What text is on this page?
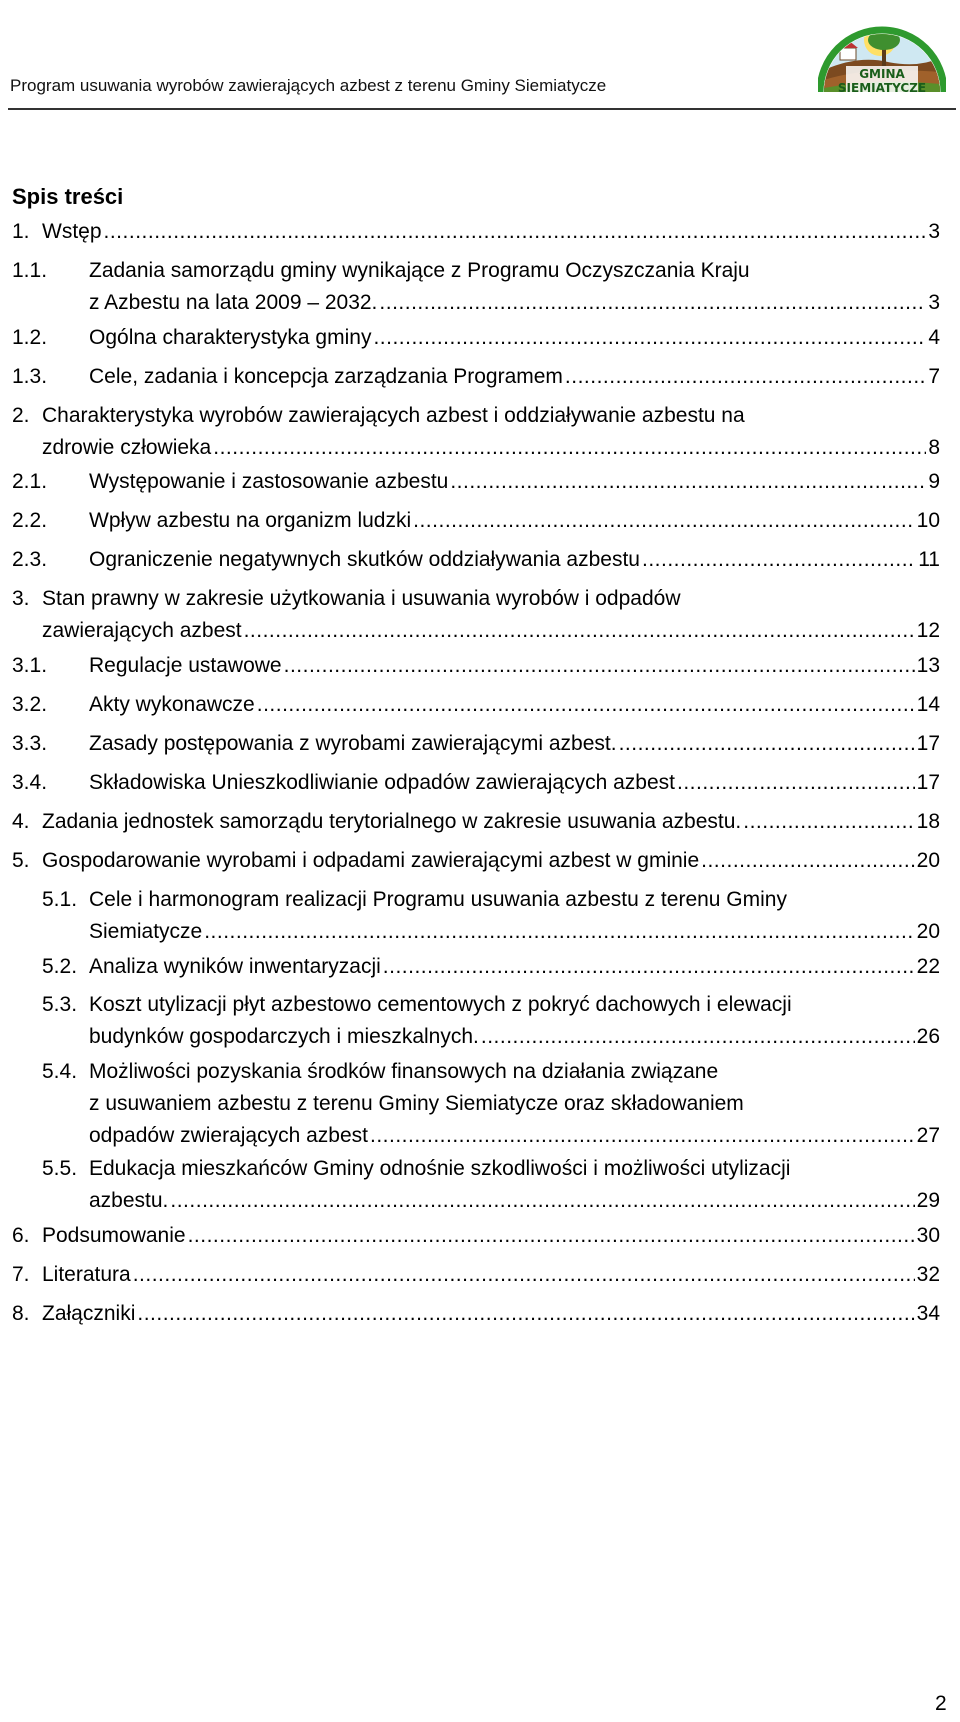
Program usuwania wyrobów zawierających azbest z terenu Gminy Siemiatycze
GMINA
SIEMIATYCZE
Spis treści
1. Wstęp .....	3
1.1. Zadania samorządu gminy wynikające z Programu Oczyszczania Kraju
z Azbestu na lata 2009 – 2032. .....	3
1.2. Ogólna charakterystyka gminy .....	4
1.3. Cele, zadania i koncepcja zarządzania Programem .....	7
2. Charakterystyka wyrobów zawierających azbest i oddziaływanie azbestu na
zdrowie człowieka .....	8
2.1. Występowanie i zastosowanie azbestu .....	9
2.2. Wpływ azbestu na organizm ludzki .....	10
2.3. Ograniczenie negatywnych skutków oddziaływania azbestu .....	11
3. Stan prawny w zakresie użytkowania i usuwania wyrobów i odpadów
zawierających azbest .....	12
3.1. Regulacje ustawowe .....	13
3.2. Akty wykonawcze .....	14
3.3. Zasady postępowania z wyrobami zawierającymi azbest. .....	17
3.4. Składowiska Unieszkodliwianie odpadów zawierających azbest .....	17
4. Zadania jednostek samorządu terytorialnego w zakresie usuwania azbestu. .....	18
5. Gospodarowanie wyrobami i odpadami zawierającymi azbest w gminie .....	20
5.1. Cele i harmonogram realizacji Programu usuwania azbestu z terenu Gminy
Siemiatycze .....	20
5.2. Analiza wyników inwentaryzacji .....	22
5.3. Koszt utylizacji płyt azbestowo cementowych z pokryć dachowych i elewacji
budynków gospodarczych i mieszkalnych. .....	26
5.4. Możliwości pozyskania środków finansowych na działania związane
z usuwaniem azbestu z terenu Gminy Siemiatycze oraz składowaniem
odpadów zwierających azbest .....	27
5.5. Edukacja mieszkańców Gminy odnośnie szkodliwości i możliwości utylizacji
azbestu. .....	29
6. Podsumowanie .....	30
7. Literatura .....	32
8. Załączniki .....	34
2
